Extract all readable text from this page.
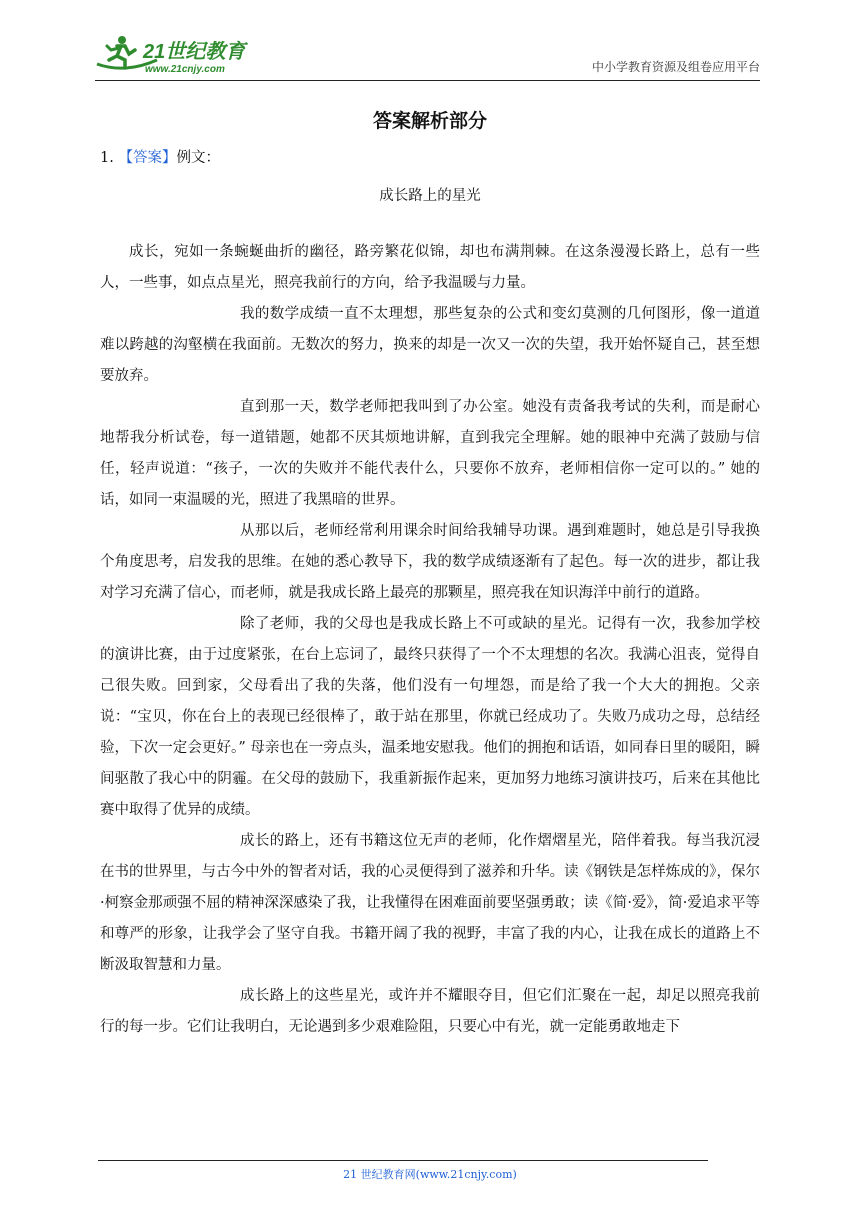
21世纪教育
www.21cnjy.com	中小学教育资源及组卷应用平台
答案解析部分
1. 【答案】例文：
成长路上的星光

成长，宛如一条蜿蜒曲折的幽径，路旁繁花似锦，却也布满荆棘。在这条漫漫长路上，总有一些人，一些事，如点点星光，照亮我前行的方向，给予我温暖与力量。

我的数学成绩一直不太理想，那些复杂的公式和变幻莫测的几何图形，像一道道难以跨越的沟壑横在我面前。无数次的努力，换来的却是一次又一次的失望，我开始怀疑自己，甚至想要放弃。

直到那一天，数学老师把我叫到了办公室。她没有责备我考试的失利，而是耐心地帮我分析试卷，每一道错题，她都不厌其烦地讲解，直到我完全理解。她的眼神中充满了鼓励与信任，轻声说道：“孩子，一次的失败并不能代表什么，只要你不放弃，老师相信你一定可以的。” 她的话，如同一束温暖的光，照进了我黑暗的世界。

从那以后，老师经常利用课余时间给我辅导功课。遇到难题时，她总是引导我换个角度思考，启发我的思维。在她的悉心教导下，我的数学成绩逐渐有了起色。每一次的进步，都让我对学习充满了信心，而老师，就是我成长路上最亮的那颗星，照亮我在知识海洋中前行的道路。

除了老师，我的父母也是我成长路上不可或缺的星光。记得有一次，我参加学校的演讲比赛，由于过度紧张，在台上忘词了，最终只获得了一个不太理想的名次。我满心沮丧，觉得自己很失败。回到家，父母看出了我的失落，他们没有一句埋怨，而是给了我一个大大的拥抱。父亲说：“宝贝，你在台上的表现已经很棒了，敢于站在那里，你就已经成功了。失败乃成功之母，总结经验，下次一定会更好。” 母亲也在一旁点头，温柔地安慰我。他们的拥抱和话语，如同春日里的暖阳，瞬间驱散了我心中的阴霾。在父母的鼓励下，我重新振作起来，更加努力地练习演讲技巧，后来在其他比赛中取得了优异的成绩。

成长的路上，还有书籍这位无声的老师，化作熠熠星光，陪伴着我。每当我沉浸在书的世界里，与古今中外的智者对话，我的心灵便得到了滋养和升华。读《钢铁是怎样炼成的》，保尔·柯察金那顽强不屈的精神深深感染了我，让我懂得在困难面前要坚强勇敢；读《简·爱》，简·爱追求平等和尊严的形象，让我学会了坚守自我。书籍开阔了我的视野，丰富了我的内心，让我在成长的道路上不断汲取智慧和力量。

成长路上的这些星光，或许并不耀眼夺目，但它们汇聚在一起，却足以照亮我前行的每一步。它们让我明白，无论遇到多少艰难险阻，只要心中有光，就一定能勇敢地走下

21 世纪教育网(www.21cnjy.com)
